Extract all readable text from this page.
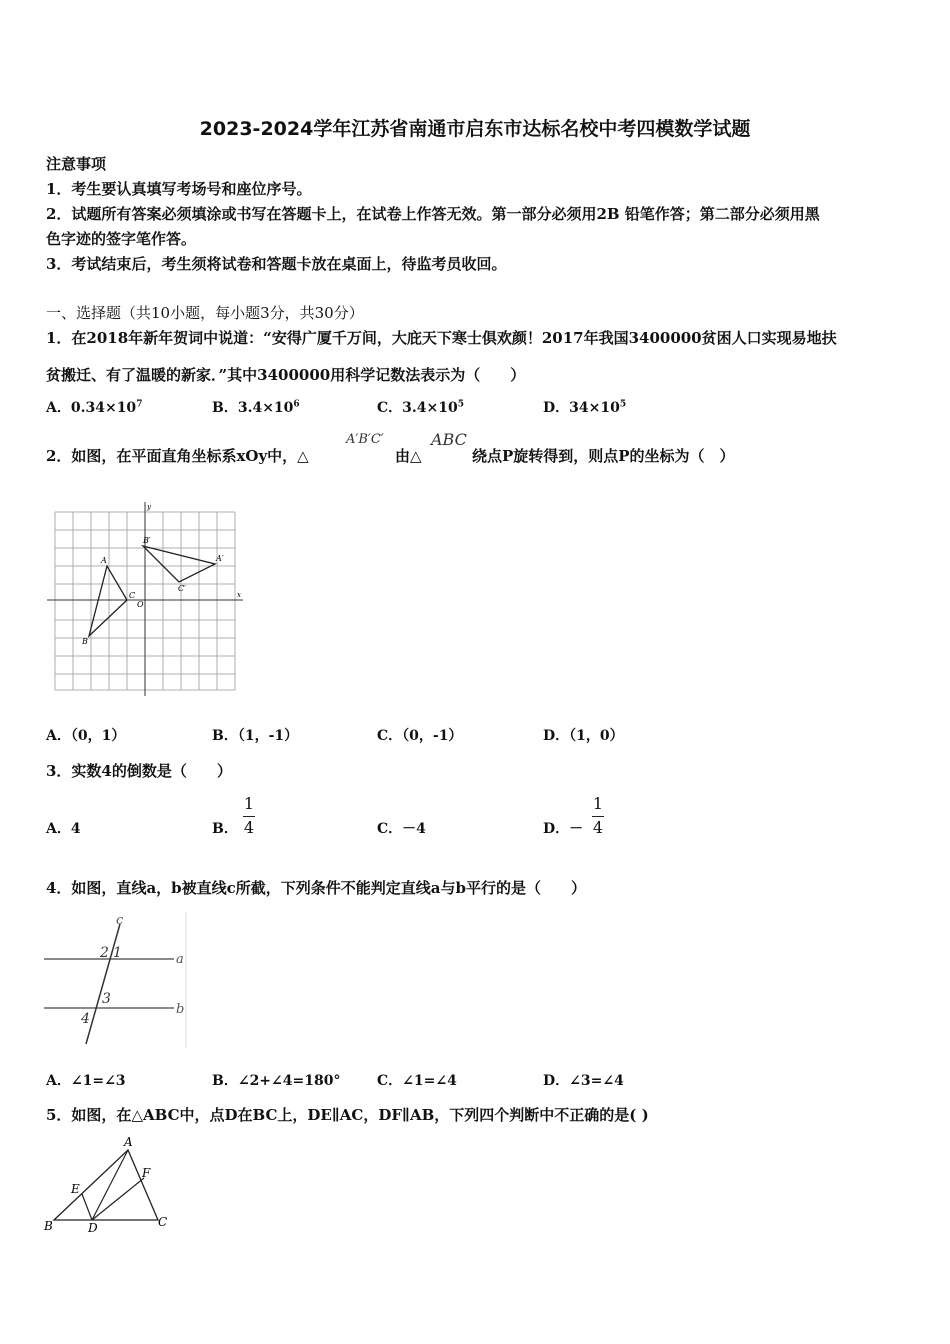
2023-2024学年江苏省南通市启东市达标名校中考四模数学试题
注意事项
1．考生要认真填写考场号和座位序号。
2．试题所有答案必须填涂或书写在答题卡上，在试卷上作答无效。第一部分必须用2B 铅笔作答；第二部分必须用黑
色字迹的签字笔作答。
3．考试结束后，考生须将试卷和答题卡放在桌面上，待监考员收回。
一、选择题（共10小题，每小题3分，共30分）
1．在2018年新年贺词中说道：“安得广厦千万间，大庇天下寒士俱欢颜！2017年我国3400000贫困人口实现易地扶
贫搬迁、有了温暖的新家．”其中3400000用科学记数法表示为（　　）
A．$0.34\times 10^7$	B．$3.4\times 10^6$	C．$3.4\times 10^5$	D．$34\times 10^5$
2．如图，在平面直角坐标系xOy中，△
A′B′C′
由△
ABC
绕点P旋转得到，则点P的坐标为（　）
A
B
C
O
B′
A′
C′
x
y
A．（0，1）	B．（1，-1）	C．（0，-1）	D．（1，0）
3．实数4的倒数是（　　）
A．4	B．
1
4	C．－4	D．－
1
4
4．如图，直线a，b被直线c所截，下列条件不能判定直线a与b平行的是（　　）
c
a
b
2 1
3
4
A．∠1=∠3	B．∠2+∠4=180°	C．∠1=∠4	D．∠3=∠4
5．如图，在△ABC中，点D在BC上，DE∥AC，DF∥AB，下列四个判断中不正确的是( )
A
B	C
D
E
F
